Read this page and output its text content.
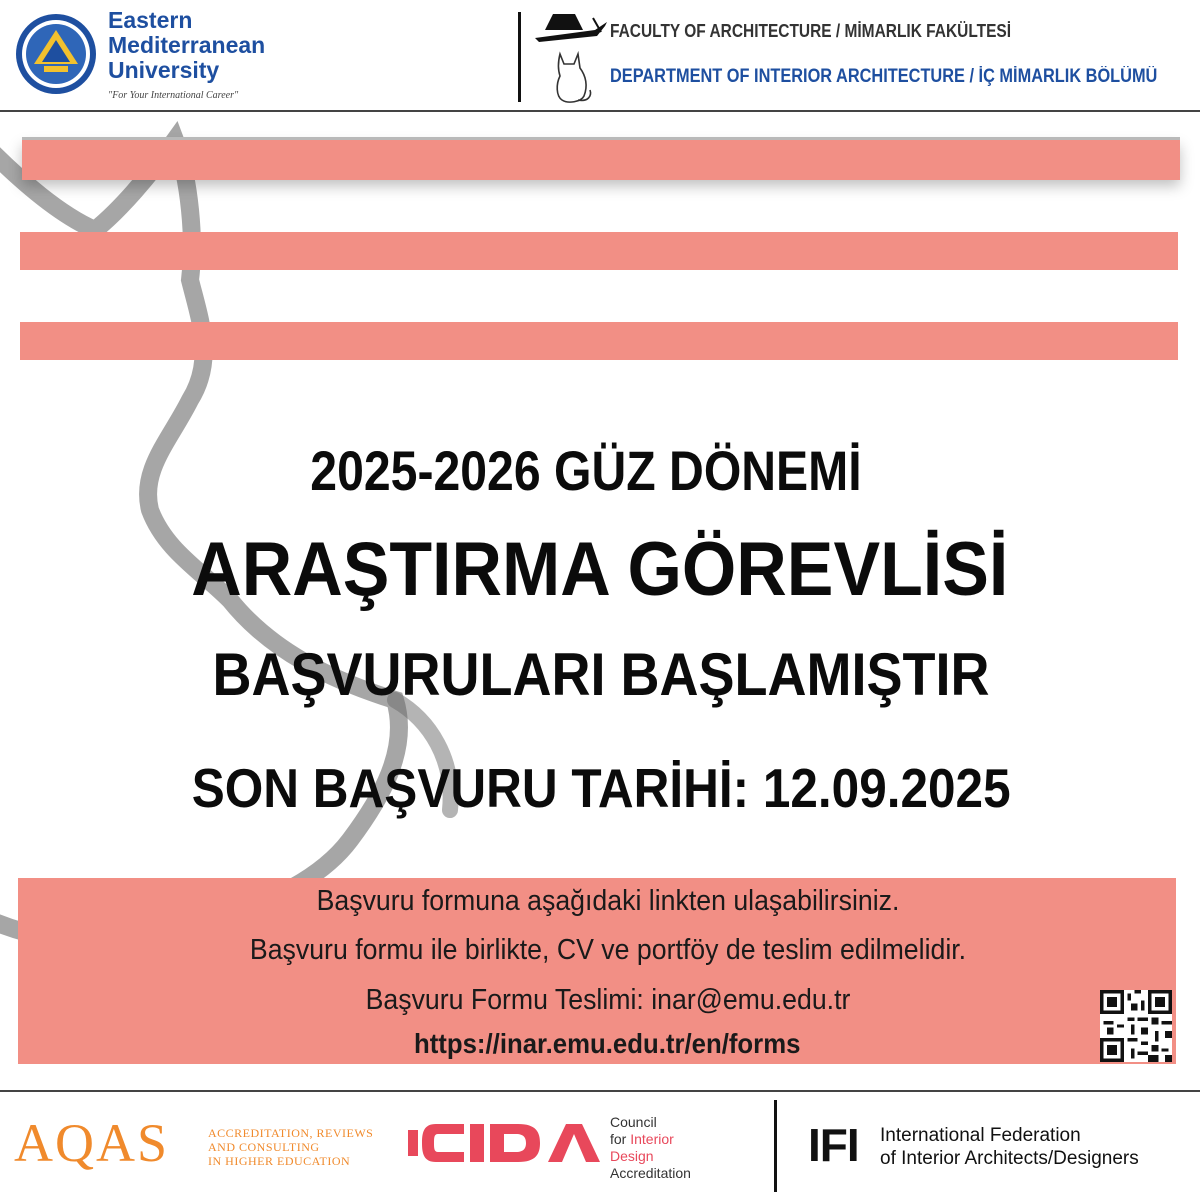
Eastern
Mediterranean
University
"For Your International Career"
FACULTY OF ARCHITECTURE / MİMARLIK FAKÜLTESİ
DEPARTMENT OF INTERIOR ARCHITECTURE / İÇ MİMARLIK BÖLÜMÜ
2025-2026 GÜZ DÖNEMİ
ARAŞTIRMA GÖREVLİSİ
BAŞVURULARI BAŞLAMIŞTIR
SON BAŞVURU TARİHİ: 12.09.2025
Başvuru formuna aşağıdaki linkten ulaşabilirsiniz.
Başvuru formu ile birlikte, CV ve portföy de teslim edilmelidir.
Başvuru Formu Teslimi: inar@emu.edu.tr
https://inar.emu.edu.tr/en/forms
AQAS	ACCREDITATION, REVIEWS
AND CONSULTING
IN HIGHER EDUCATION
Council
for Interior
Design
Accreditation
IFI International Federation
of Interior Architects/Designers
